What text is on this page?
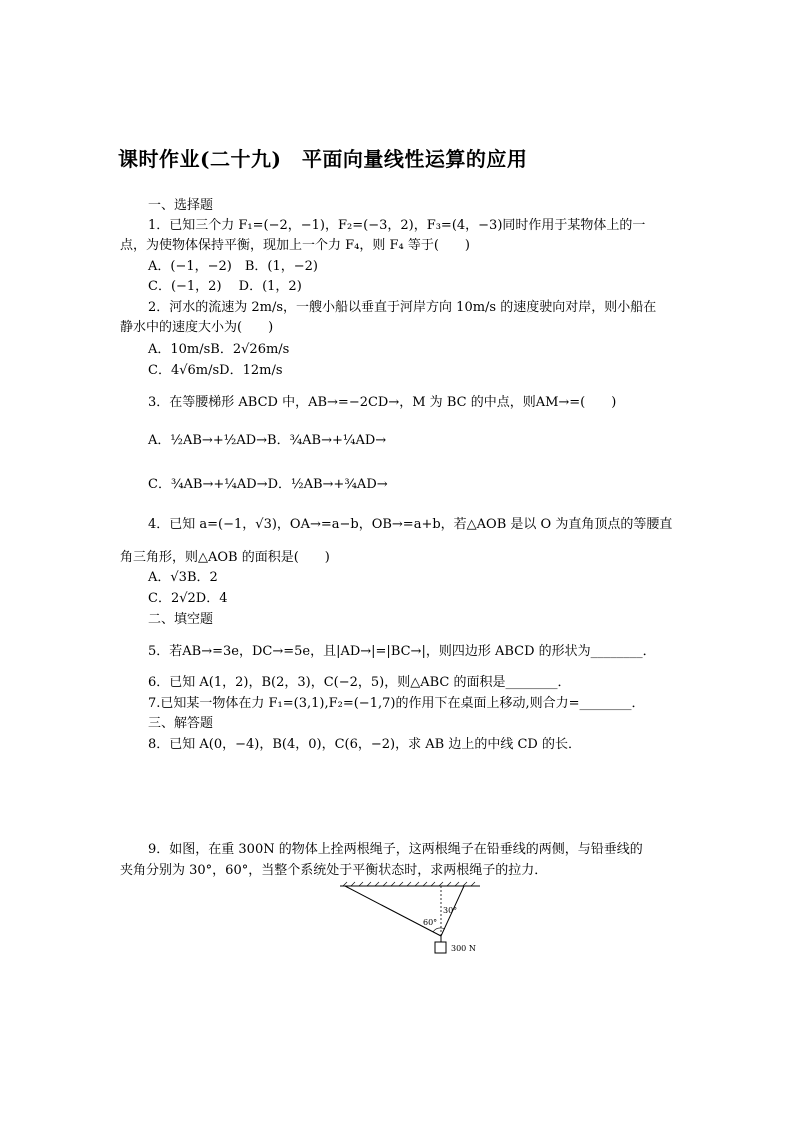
课时作业(二十九)　平面向量线性运算的应用
一、选择题
1．已知三个力 F₁=(−2，−1)，F₂=(−3，2)，F₃=(4，−3)同时作用于某物体上的一
点，为使物体保持平衡，现加上一个力 F₄，则 F₄ 等于(　　)
A．(−1，−2)　B．(1，−2)
C．(−1，2)　 D．(1，2)
2．河水的流速为 2m/s，一艘小船以垂直于河岸方向 10m/s 的速度驶向对岸，则小船在
静水中的速度大小为(　　)
A．10m/sB．2√26m/s
C．4√6m/sD．12m/s
3．在等腰梯形 ABCD 中，AB→=−2CD→，M 为 BC 的中点，则AM→=(　　)
A．½AB→+½AD→B．¾AB→+¼AD→
C．¾AB→+¼AD→D．½AB→+¾AD→
4．已知 a=(−1，√3)，OA→=a−b，OB→=a+b，若△AOB 是以 O 为直角顶点的等腰直
角三角形，则△AOB 的面积是(　　)
A．√3B．2
C．2√2D．4
二、填空题
5．若AB→=3e，DC→=5e，且|AD→|=|BC→|，则四边形 ABCD 的形状为________．
6．已知 A(1，2)，B(2，3)，C(−2，5)，则△ABC 的面积是________．
7.已知某一物体在力 F₁=(3,1),F₂=(−1,7)的作用下在桌面上移动,则合力=________．
三、解答题
8．已知 A(0，−4)，B(4，0)，C(6，−2)，求 AB 边上的中线 CD 的长．
9．如图，在重 300N 的物体上拴两根绳子，这两根绳子在铅垂线的两侧，与铅垂线的
夹角分别为 30°，60°，当整个系统处于平衡状态时，求两根绳子的拉力．
60°
30°
300 N
